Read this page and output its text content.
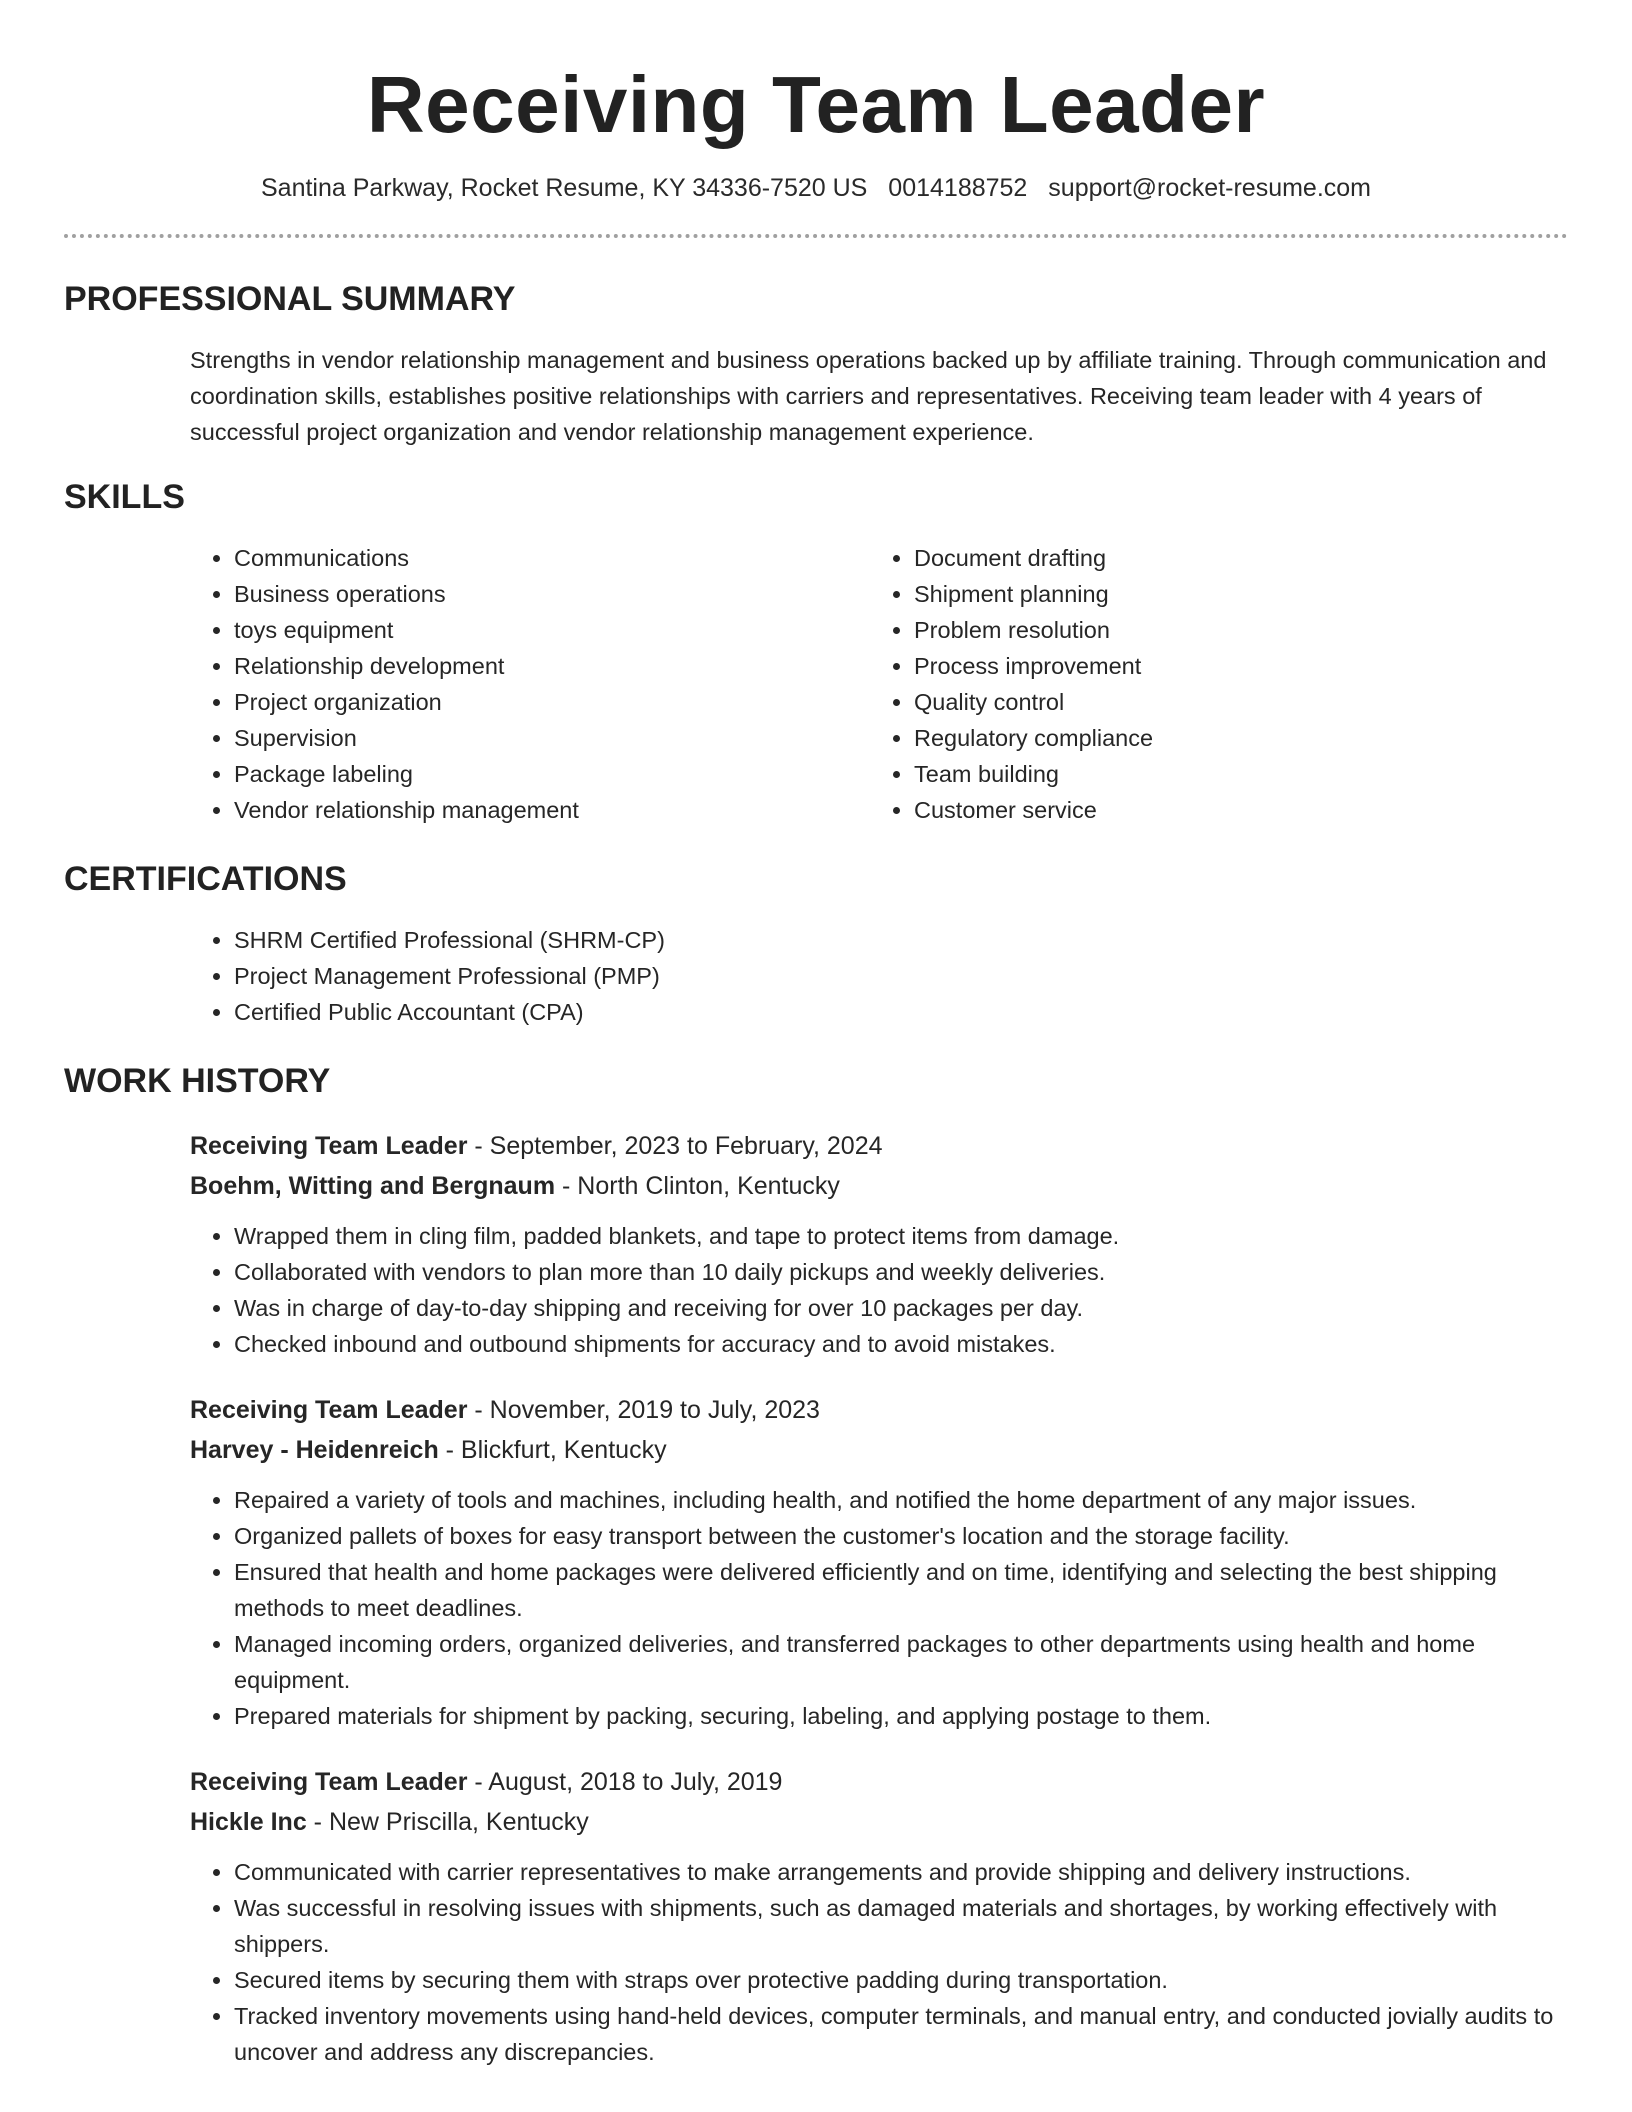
Receiving Team Leader
Santina Parkway, Rocket Resume, KY 34336-7520 US 0014188752 support@rocket-resume.com
PROFESSIONAL SUMMARY
Strengths in vendor relationship management and business operations backed up by affiliate training. Through communication and coordination skills, establishes positive relationships with carriers and representatives. Receiving team leader with 4 years of successful project organization and vendor relationship management experience.
SKILLS
• Communications
• Business operations
• toys equipment
• Relationship development
• Project organization
• Supervision
• Package labeling
• Vendor relationship management
• Document drafting
• Shipment planning
• Problem resolution
• Process improvement
• Quality control
• Regulatory compliance
• Team building
• Customer service
CERTIFICATIONS
• SHRM Certified Professional (SHRM-CP)
• Project Management Professional (PMP)
• Certified Public Accountant (CPA)
WORK HISTORY
Receiving Team Leader - September, 2023 to February, 2024
Boehm, Witting and Bergnaum - North Clinton, Kentucky
• Wrapped them in cling film, padded blankets, and tape to protect items from damage.
• Collaborated with vendors to plan more than 10 daily pickups and weekly deliveries.
• Was in charge of day-to-day shipping and receiving for over 10 packages per day.
• Checked inbound and outbound shipments for accuracy and to avoid mistakes.
Receiving Team Leader - November, 2019 to July, 2023
Harvey - Heidenreich - Blickfurt, Kentucky
• Repaired a variety of tools and machines, including health, and notified the home department of any major issues.
• Organized pallets of boxes for easy transport between the customer's location and the storage facility.
• Ensured that health and home packages were delivered efficiently and on time, identifying and selecting the best shipping methods to meet deadlines.
• Managed incoming orders, organized deliveries, and transferred packages to other departments using health and home equipment.
• Prepared materials for shipment by packing, securing, labeling, and applying postage to them.
Receiving Team Leader - August, 2018 to July, 2019
Hickle Inc - New Priscilla, Kentucky
• Communicated with carrier representatives to make arrangements and provide shipping and delivery instructions.
• Was successful in resolving issues with shipments, such as damaged materials and shortages, by working effectively with shippers.
• Secured items by securing them with straps over protective padding during transportation.
• Tracked inventory movements using hand-held devices, computer terminals, and manual entry, and conducted jovially audits to uncover and address any discrepancies.
